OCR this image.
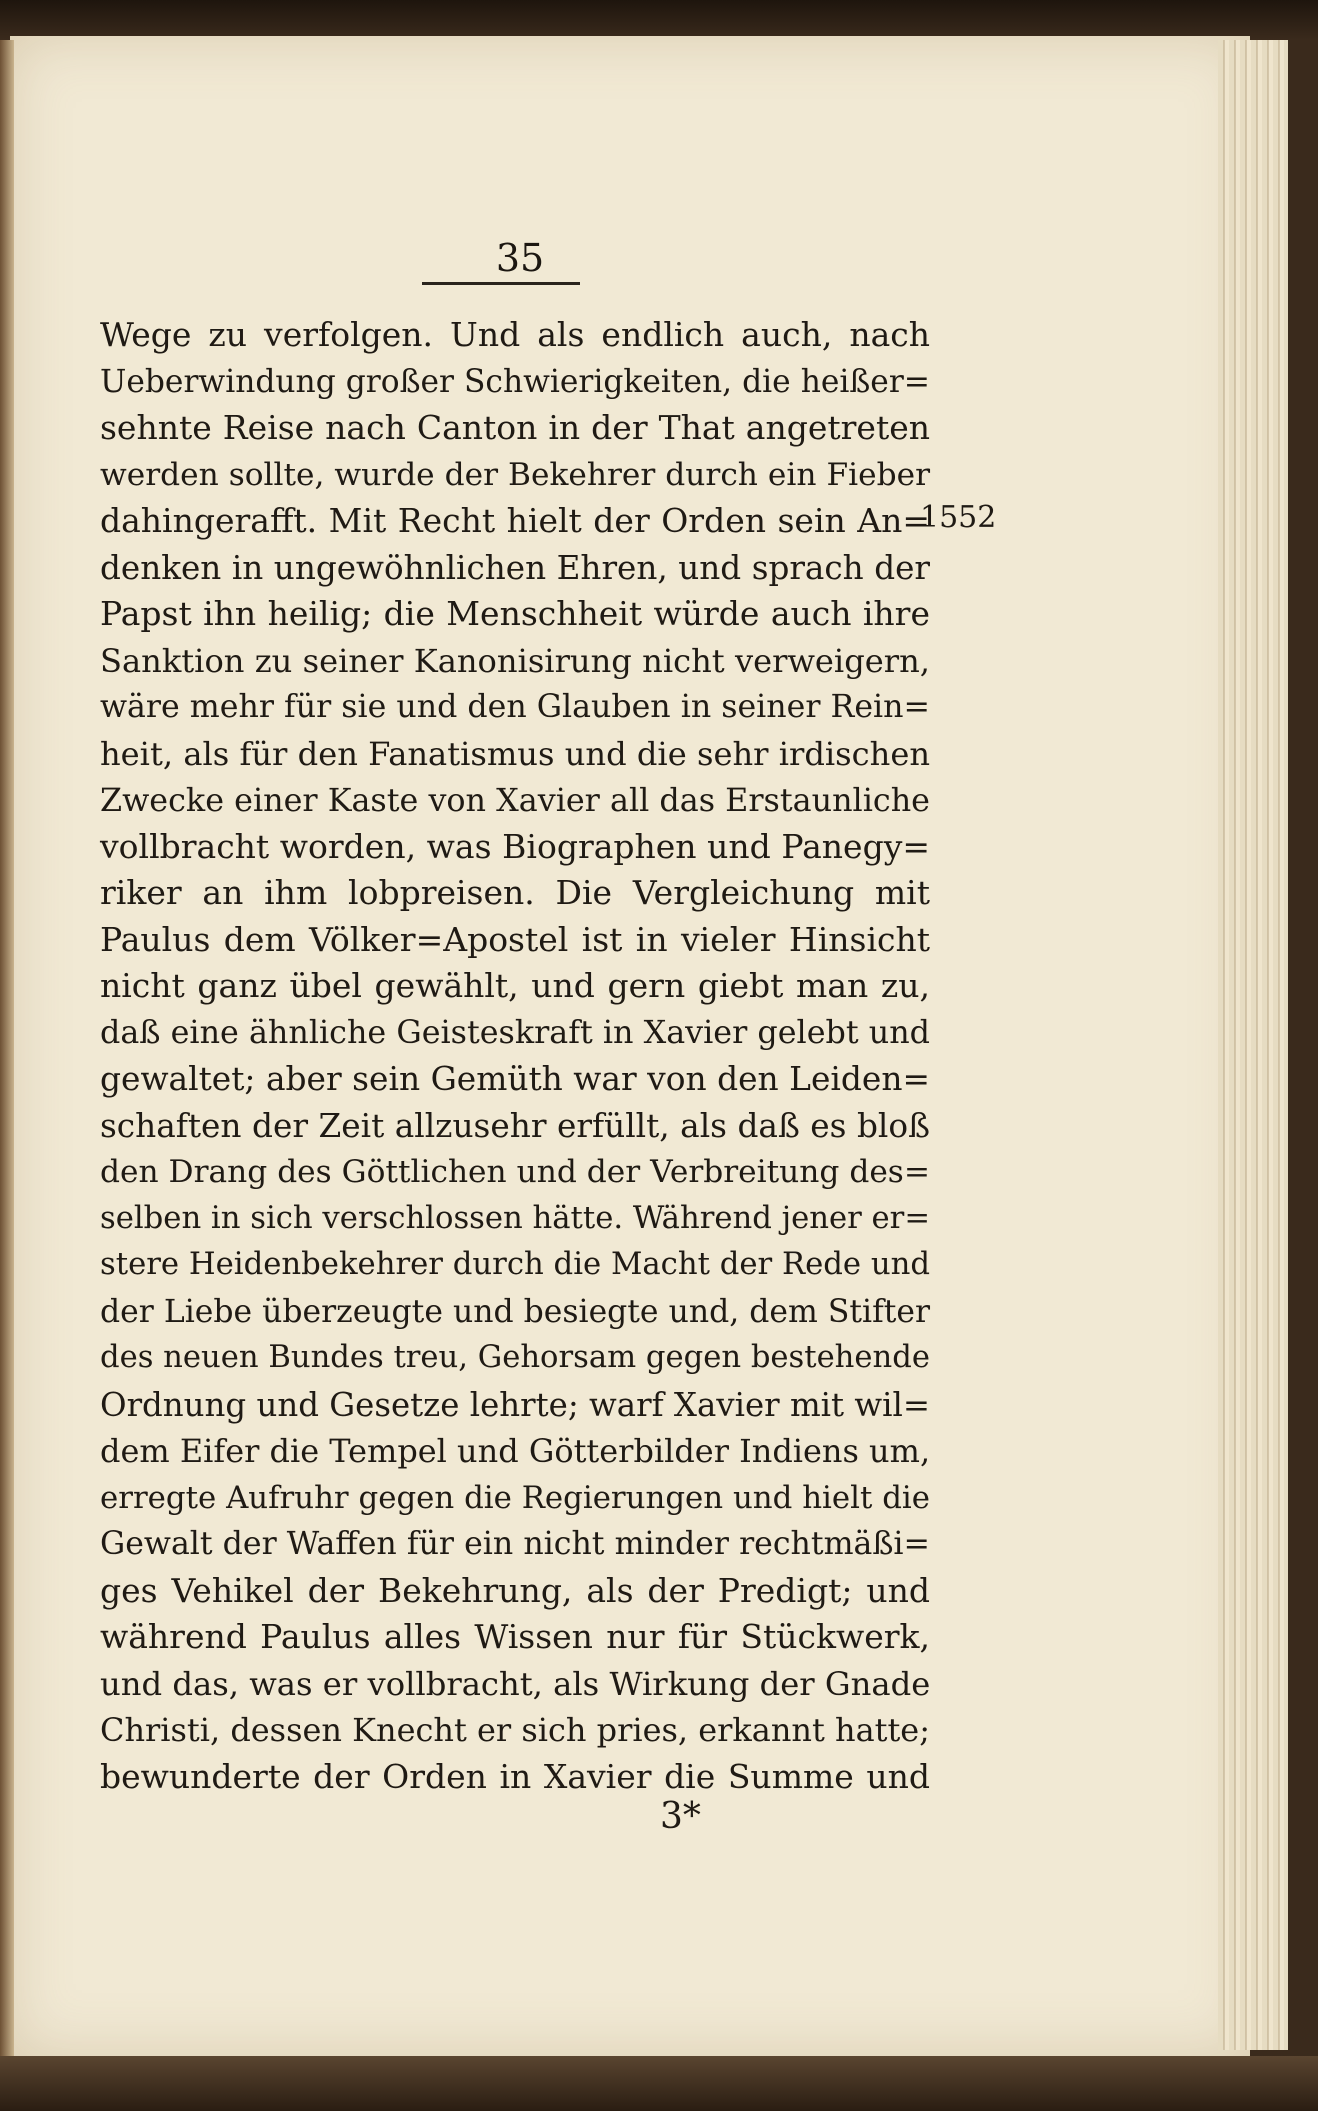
35
Wege zu verfolgen. Und als endlich auch, nach
Ueberwindung großer Schwierigkeiten, die heißer=
sehnte Reise nach Canton in der That angetreten
werden sollte, wurde der Bekehrer durch ein Fieber
dahingerafft. Mit Recht hielt der Orden sein An=
denken in ungewöhnlichen Ehren, und sprach der
Papst ihn heilig; die Menschheit würde auch ihre
Sanktion zu seiner Kanonisirung nicht verweigern,
wäre mehr für sie und den Glauben in seiner Rein=
heit, als für den Fanatismus und die sehr irdischen
Zwecke einer Kaste von Xavier all das Erstaunliche
vollbracht worden, was Biographen und Panegy=
riker an ihm lobpreisen. Die Vergleichung mit
Paulus dem Völker=Apostel ist in vieler Hinsicht
nicht ganz übel gewählt, und gern giebt man zu,
daß eine ähnliche Geisteskraft in Xavier gelebt und
gewaltet; aber sein Gemüth war von den Leiden=
schaften der Zeit allzusehr erfüllt, als daß es bloß
den Drang des Göttlichen und der Verbreitung des=
selben in sich verschlossen hätte. Während jener er=
stere Heidenbekehrer durch die Macht der Rede und
der Liebe überzeugte und besiegte und, dem Stifter
des neuen Bundes treu, Gehorsam gegen bestehende
Ordnung und Gesetze lehrte; warf Xavier mit wil=
dem Eifer die Tempel und Götterbilder Indiens um,
erregte Aufruhr gegen die Regierungen und hielt die
Gewalt der Waffen für ein nicht minder rechtmäßi=
ges Vehikel der Bekehrung, als der Predigt; und
während Paulus alles Wissen nur für Stückwerk,
und das, was er vollbracht, als Wirkung der Gnade
Christi, dessen Knecht er sich pries, erkannt hatte;
bewunderte der Orden in Xavier die Summe und
1552
3*
